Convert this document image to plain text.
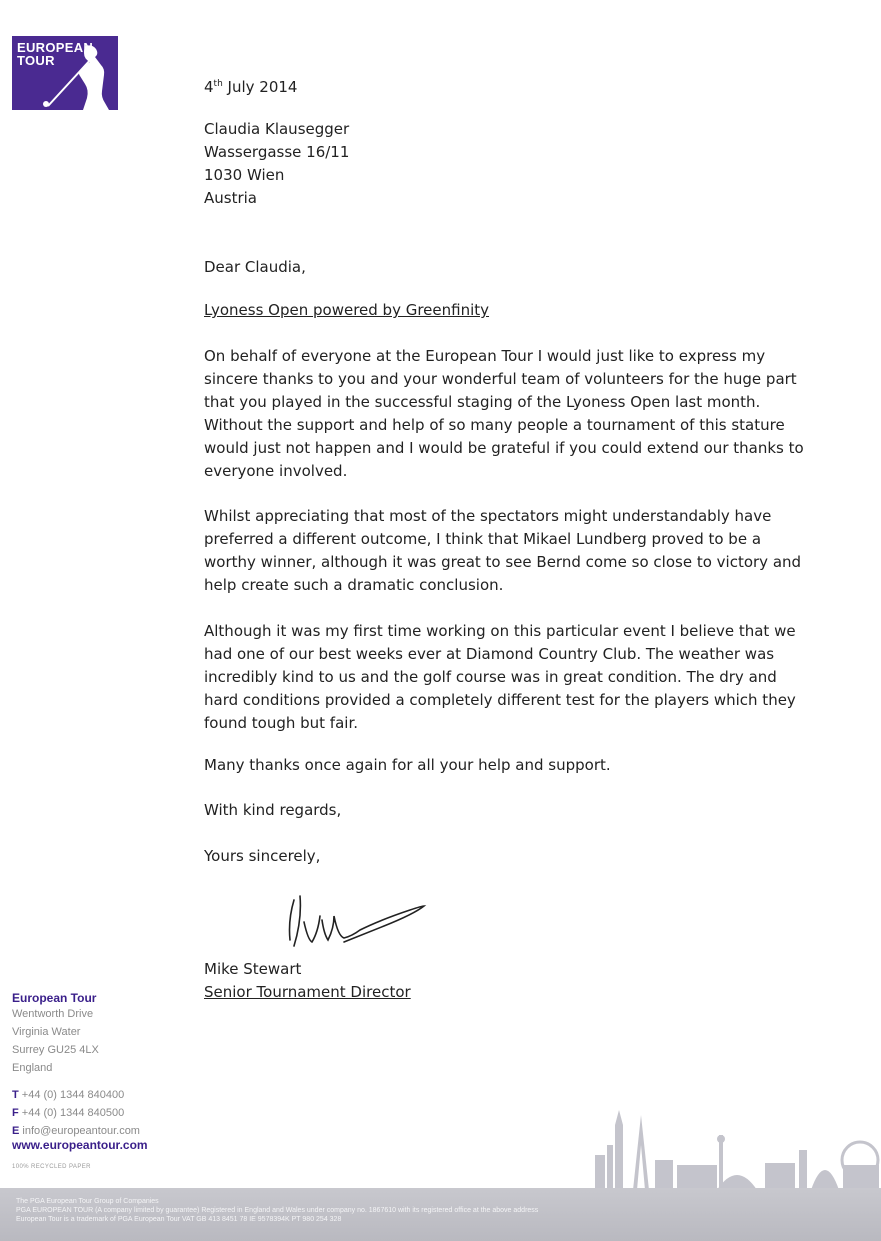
EUROPEAN
TOUR
4th July 2014
Claudia Klausegger
Wassergasse 16/11
1030 Wien
Austria
Dear Claudia,
Lyoness Open powered by Greenfinity

On behalf of everyone at the European Tour I would just like to express my sincere thanks to you and your wonderful team of volunteers for the huge part that you played in the successful staging of the Lyoness Open last month. Without the support and help of so many people a tournament of this stature would just not happen and I would be grateful if you could extend our thanks to everyone involved.

Whilst appreciating that most of the spectators might understandably have preferred a different outcome, I think that Mikael Lundberg proved to be a worthy winner, although it was great to see Bernd come so close to victory and help create such a dramatic conclusion.

Although it was my first time working on this particular event I believe that we had one of our best weeks ever at Diamond Country Club. The weather was incredibly kind to us and the golf course was in great condition. The dry and hard conditions provided a completely different test for the players which they found tough but fair.

Many thanks once again for all your help and support.

With kind regards,
Yours sincerely,
Mike Stewart
Senior Tournament Director
European Tour
Wentworth Drive
Virginia Water
Surrey GU25 4LX
England
T +44 (0) 1344 840400
F +44 (0) 1344 840500
E info@europeantour.com
www.europeantour.com
100% RECYCLED PAPER
The PGA European Tour Group of Companies
PGA EUROPEAN TOUR (A company limited by guarantee) Registered in England and Wales under company no. 1867610 with its registered office at the above address
European Tour is a trademark of PGA European Tour VAT GB 413 8451 78 IE 9578394K PT 980 254 328
